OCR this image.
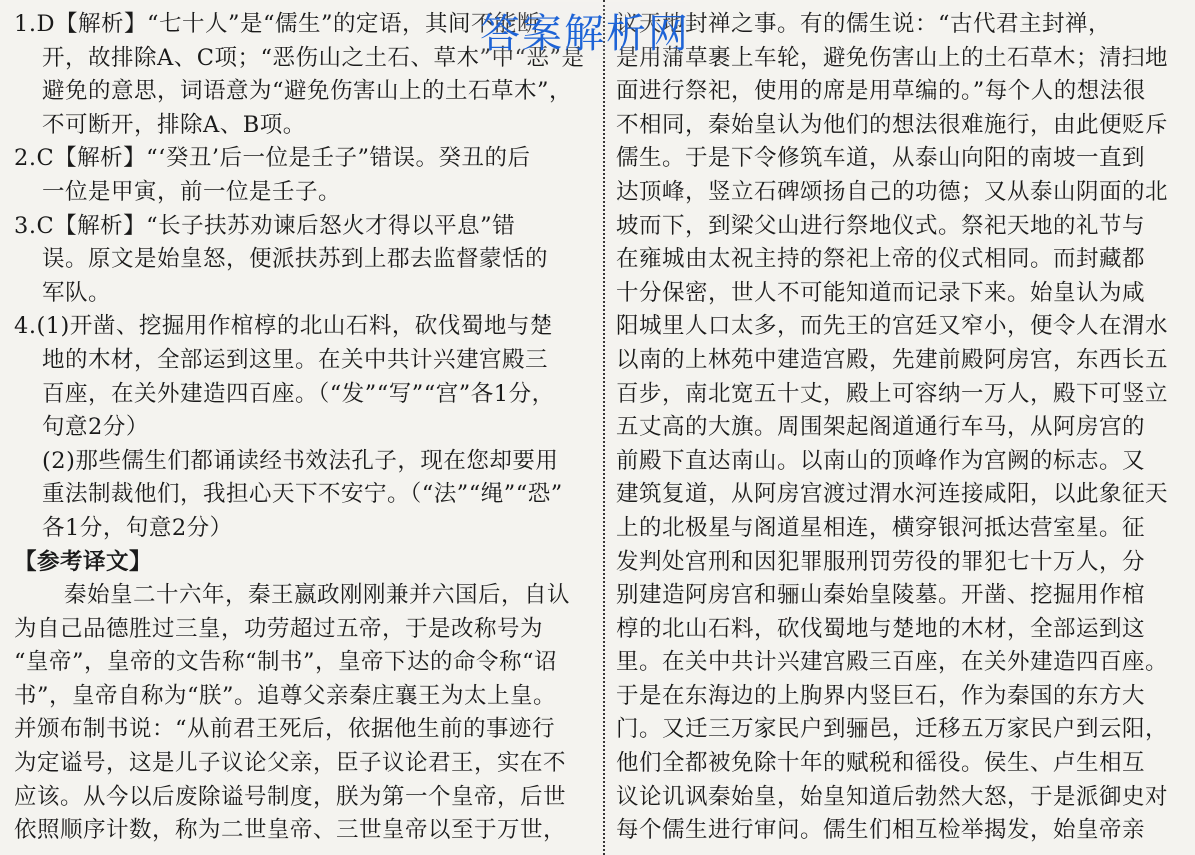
1.D【解析】“七十人”是“儒生”的定语，其间不能断
开，故排除A、C项；“恶伤山之土石、草木”中“恶”是
避免的意思，词语意为“避免伤害山上的土石草木”，
不可断开，排除A、B项。
2.C【解析】“‘癸丑’后一位是壬子”错误。癸丑的后
一位是甲寅，前一位是壬子。
3.C【解析】“长子扶苏劝谏后怒火才得以平息”错
误。原文是始皇怒，便派扶苏到上郡去监督蒙恬的
军队。
4.(1)开凿、挖掘用作棺椁的北山石料，砍伐蜀地与楚
地的木材，全部运到这里。在关中共计兴建宫殿三
百座，在关外建造四百座。（“发”“写”“宫”各1分，
句意2分）
(2)那些儒生们都诵读经书效法孔子，现在您却要用
重法制裁他们，我担心天下不安宁。（“法”“绳”“恐”
各1分，句意2分）
【参考译文】
秦始皇二十六年，秦王嬴政刚刚兼并六国后，自认
为自己品德胜过三皇，功劳超过五帝，于是改称号为
“皇帝”，皇帝的文告称“制书”，皇帝下达的命令称“诏
书”，皇帝自称为“朕”。追尊父亲秦庄襄王为太上皇。
并颁布制书说：“从前君王死后，依据他生前的事迹行
为定谥号，这是儿子议论父亲，臣子议论君王，实在不
应该。从今以后废除谥号制度，朕为第一个皇帝，后世
依照顺序计数，称为二世皇帝、三世皇帝以至于万世，
议天地封禅之事。有的儒生说：“古代君主封禅，
是用蒲草裹上车轮，避免伤害山上的土石草木；清扫地
面进行祭祀，使用的席是用草编的。”每个人的想法很
不相同，秦始皇认为他们的想法很难施行，由此便贬斥
儒生。于是下令修筑车道，从泰山向阳的南坡一直到
达顶峰，竖立石碑颂扬自己的功德；又从泰山阴面的北
坡而下，到梁父山进行祭地仪式。祭祀天地的礼节与
在雍城由太祝主持的祭祀上帝的仪式相同。而封藏都
十分保密，世人不可能知道而记录下来。始皇认为咸
阳城里人口太多，而先王的宫廷又窄小，便令人在渭水
以南的上林苑中建造宫殿，先建前殿阿房宫，东西长五
百步，南北宽五十丈，殿上可容纳一万人，殿下可竖立
五丈高的大旗。周围架起阁道通行车马，从阿房宫的
前殿下直达南山。以南山的顶峰作为宫阙的标志。又
建筑复道，从阿房宫渡过渭水河连接咸阳，以此象征天
上的北极星与阁道星相连，横穿银河抵达营室星。征
发判处宫刑和因犯罪服刑罚劳役的罪犯七十万人，分
别建造阿房宫和骊山秦始皇陵墓。开凿、挖掘用作棺
椁的北山石料，砍伐蜀地与楚地的木材，全部运到这
里。在关中共计兴建宫殿三百座，在关外建造四百座。
于是在东海边的上朐界内竖巨石，作为秦国的东方大
门。又迁三万家民户到骊邑，迁移五万家民户到云阳，
他们全都被免除十年的赋税和徭役。侯生、卢生相互
议论讥讽秦始皇，始皇知道后勃然大怒，于是派御史对
每个儒生进行审问。儒生们相互检举揭发，始皇帝亲
答案解析网
